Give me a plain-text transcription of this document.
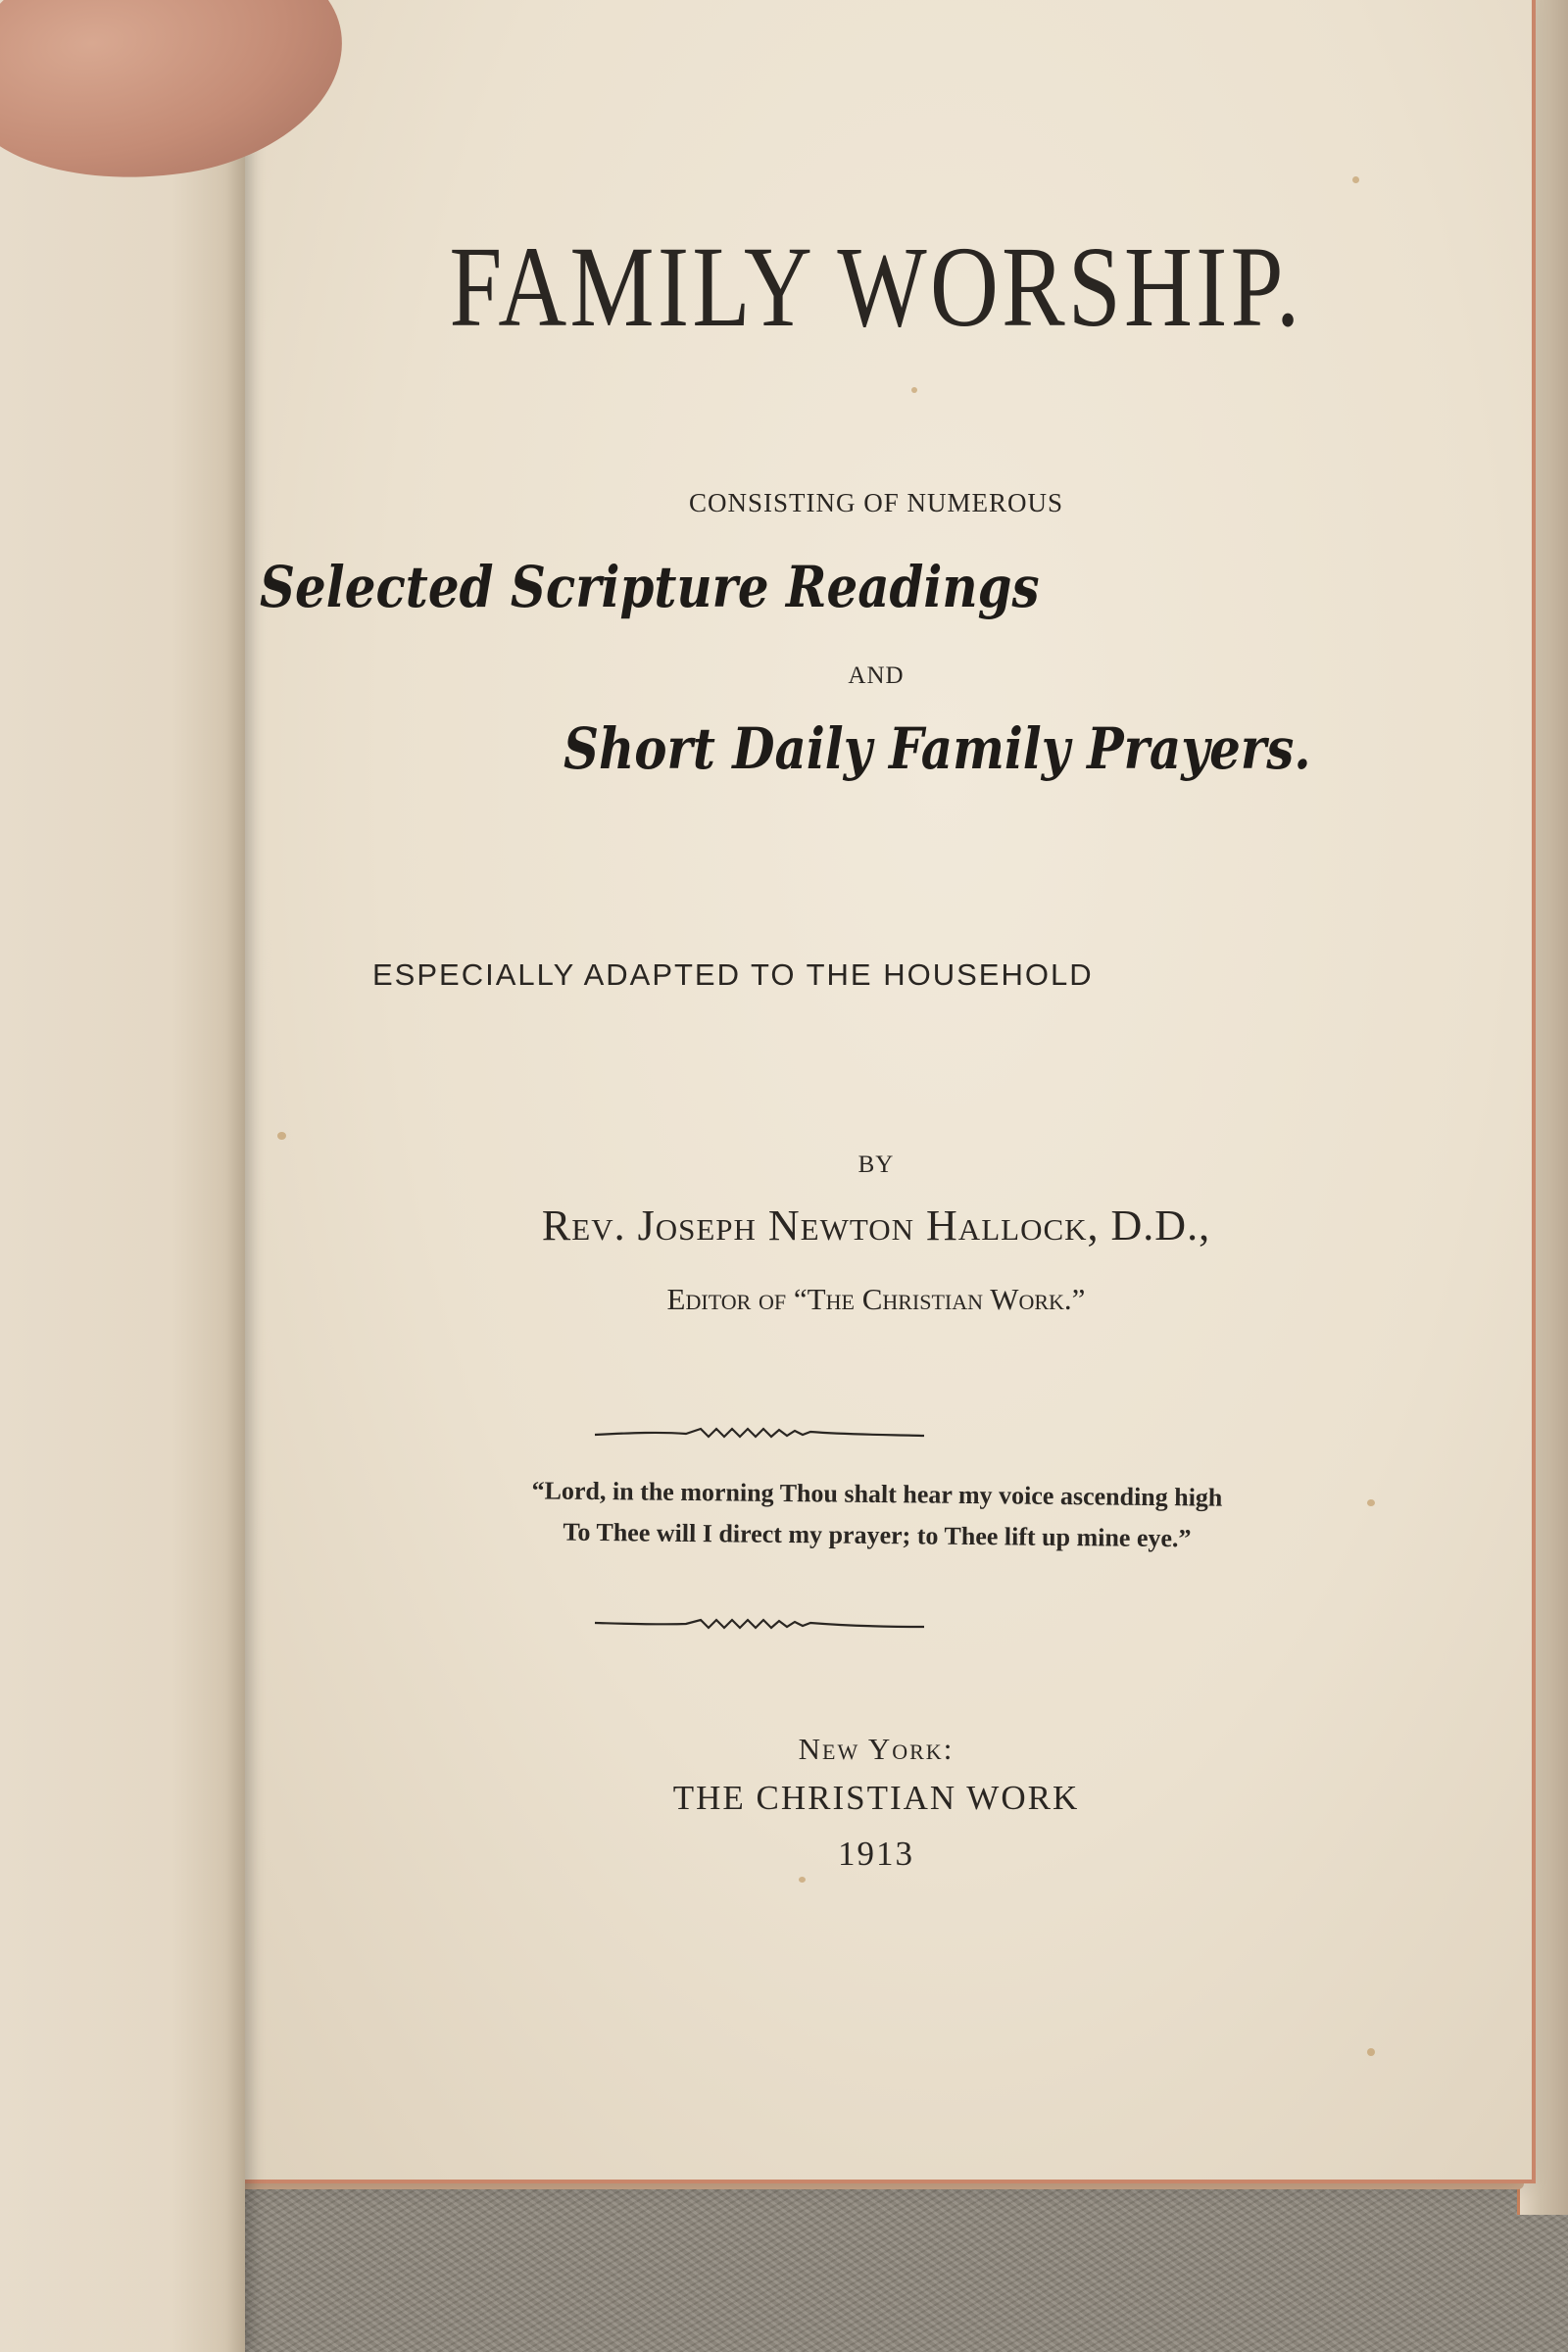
FAMILY WORSHIP.

CONSISTING OF NUMEROUS

Selected Scripture Readings

AND

Short Daily Family Prayers.

ESPECIALLY ADAPTED TO THE HOUSEHOLD

BY

Rev. Joseph Newton Hallock, D.D.,

Editor of “The Christian Work.”

“Lord, in the morning Thou shalt hear my voice ascending high

To Thee will I direct my prayer; to Thee lift up mine eye.”

New York:

THE CHRISTIAN WORK

1913
